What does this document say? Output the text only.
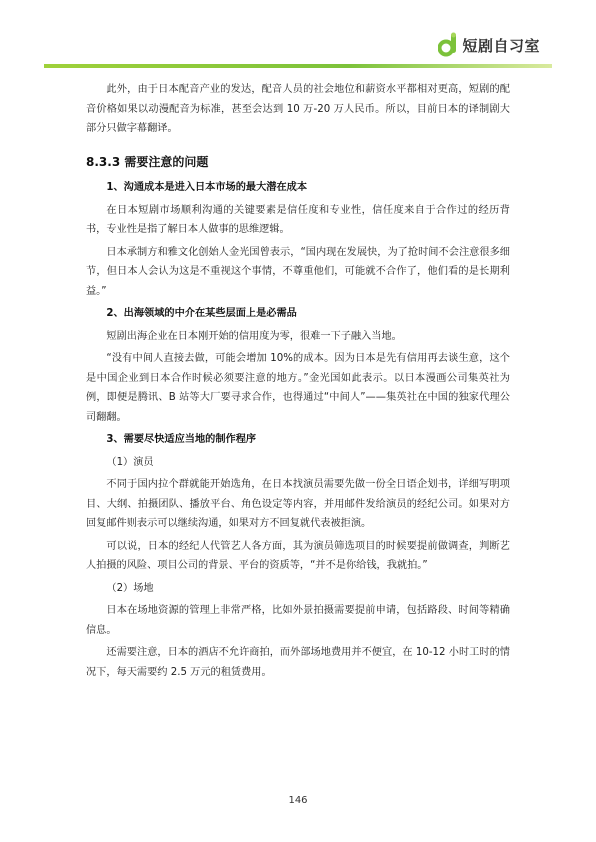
短剧自习室

此外，由于日本配音产业的发达，配音人员的社会地位和薪资水平都相对更高，短剧的配音价格如果以动漫配音为标准，甚至会达到 10 万-20 万人民币。所以，目前日本的译制剧大部分只做字幕翻译。

8.3.3 需要注意的问题
1、沟通成本是进入日本市场的最大潜在成本

在日本短剧市场顺利沟通的关键要素是信任度和专业性，信任度来自于合作过的经历背书，专业性是指了解日本人做事的思维逻辑。

日本承制方和雅文化创始人金光国曾表示，“国内现在发展快，为了抢时间不会注意很多细节，但日本人会认为这是不重视这个事情，不尊重他们，可能就不合作了，他们看的是长期利益。”

2、出海领域的中介在某些层面上是必需品

短剧出海企业在日本刚开始的信用度为零，很难一下子融入当地。

“没有中间人直接去做，可能会增加 10%的成本。因为日本是先有信用再去谈生意，这个是中国企业到日本合作时候必须要注意的地方。”金光国如此表示。以日本漫画公司集英社为例，即便是腾讯、B 站等大厂要寻求合作，也得通过“中间人”——集英社在中国的独家代理公司翻翻。

3、需要尽快适应当地的制作程序
（1）演员

不同于国内拉个群就能开始选角，在日本找演员需要先做一份全日语企划书，详细写明项目、大纲、拍摄团队、播放平台、角色设定等内容，并用邮件发给演员的经纪公司。如果对方回复邮件则表示可以继续沟通，如果对方不回复就代表被拒演。

可以说，日本的经纪人代管艺人各方面，其为演员筛选项目的时候要提前做调查，判断艺人拍摄的风险、项目公司的背景、平台的资质等，“并不是你给钱，我就拍。”

（2）场地

日本在场地资源的管理上非常严格，比如外景拍摄需要提前申请，包括路段、时间等精确信息。

还需要注意，日本的酒店不允许商拍，而外部场地费用并不便宜，在 10-12 小时工时的情况下，每天需要约 2.5 万元的租赁费用。

146
